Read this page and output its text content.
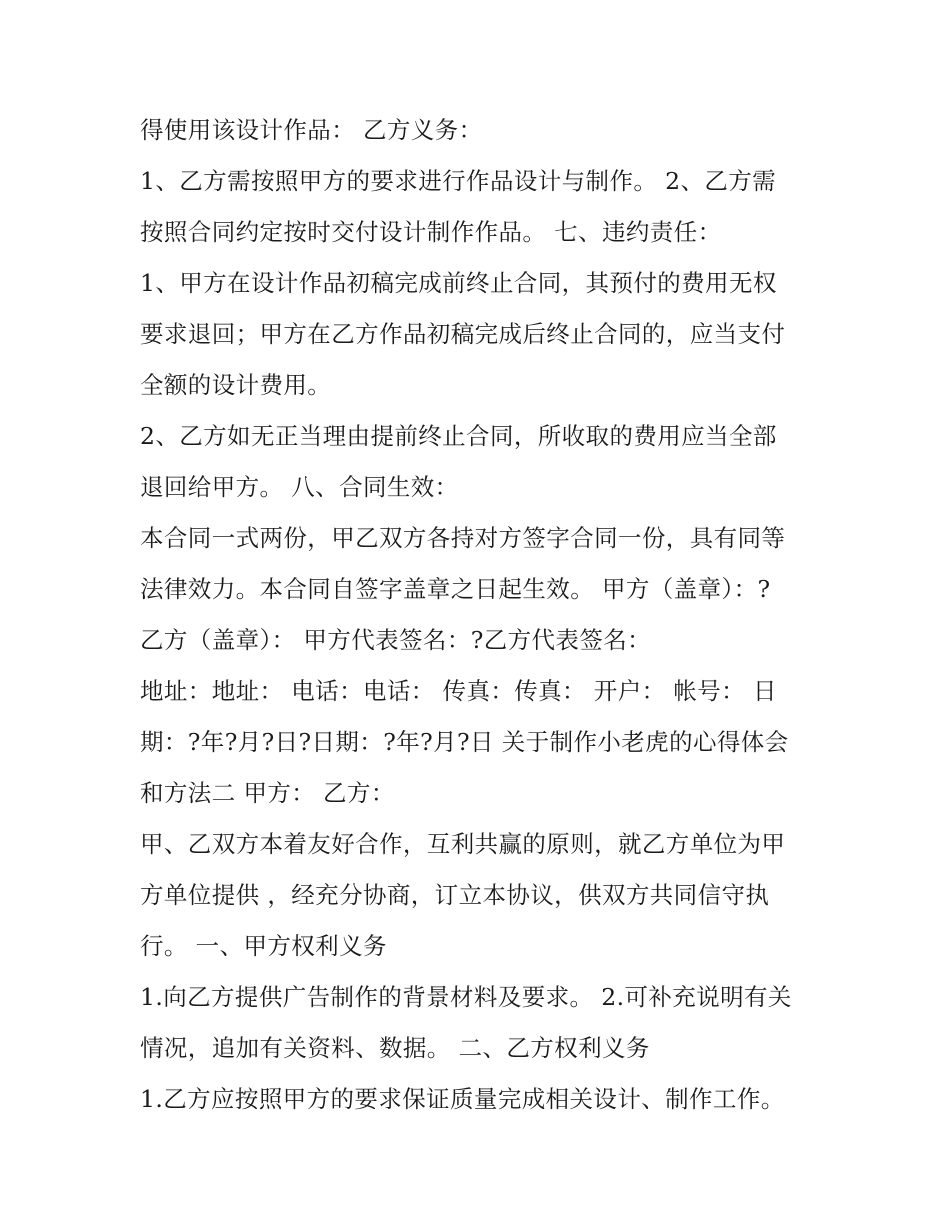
得使用该设计作品： 乙方义务：
1、乙方需按照甲方的要求进行作品设计与制作。 2、乙方需
按照合同约定按时交付设计制作作品。 七、违约责任：
1、甲方在设计作品初稿完成前终止合同，其预付的费用无权
要求退回；甲方在乙方作品初稿完成后终止合同的，应当支付
全额的设计费用。
2、乙方如无正当理由提前终止合同，所收取的费用应当全部
退回给甲方。 八、合同生效：
本合同一式两份，甲乙双方各持对方签字合同一份，具有同等
法律效力。本合同自签字盖章之日起生效。 甲方（盖章）：?
乙方（盖章）： 甲方代表签名：?乙方代表签名：
地址：地址： 电话：电话： 传真：传真： 开户： 帐号： 日
期：?年?月?日?日期：?年?月?日 关于制作小老虎的心得体会
和方法二 甲方： 乙方：
甲、乙双方本着友好合作，互利共赢的原则，就乙方单位为甲
方单位提供 ，经充分协商，订立本协议，供双方共同信守执
行。 一、甲方权利义务
1.向乙方提供广告制作的背景材料及要求。 2.可补充说明有关
情况，追加有关资料、数据。 二、乙方权利义务
1.乙方应按照甲方的要求保证质量完成相关设计、制作工作。
